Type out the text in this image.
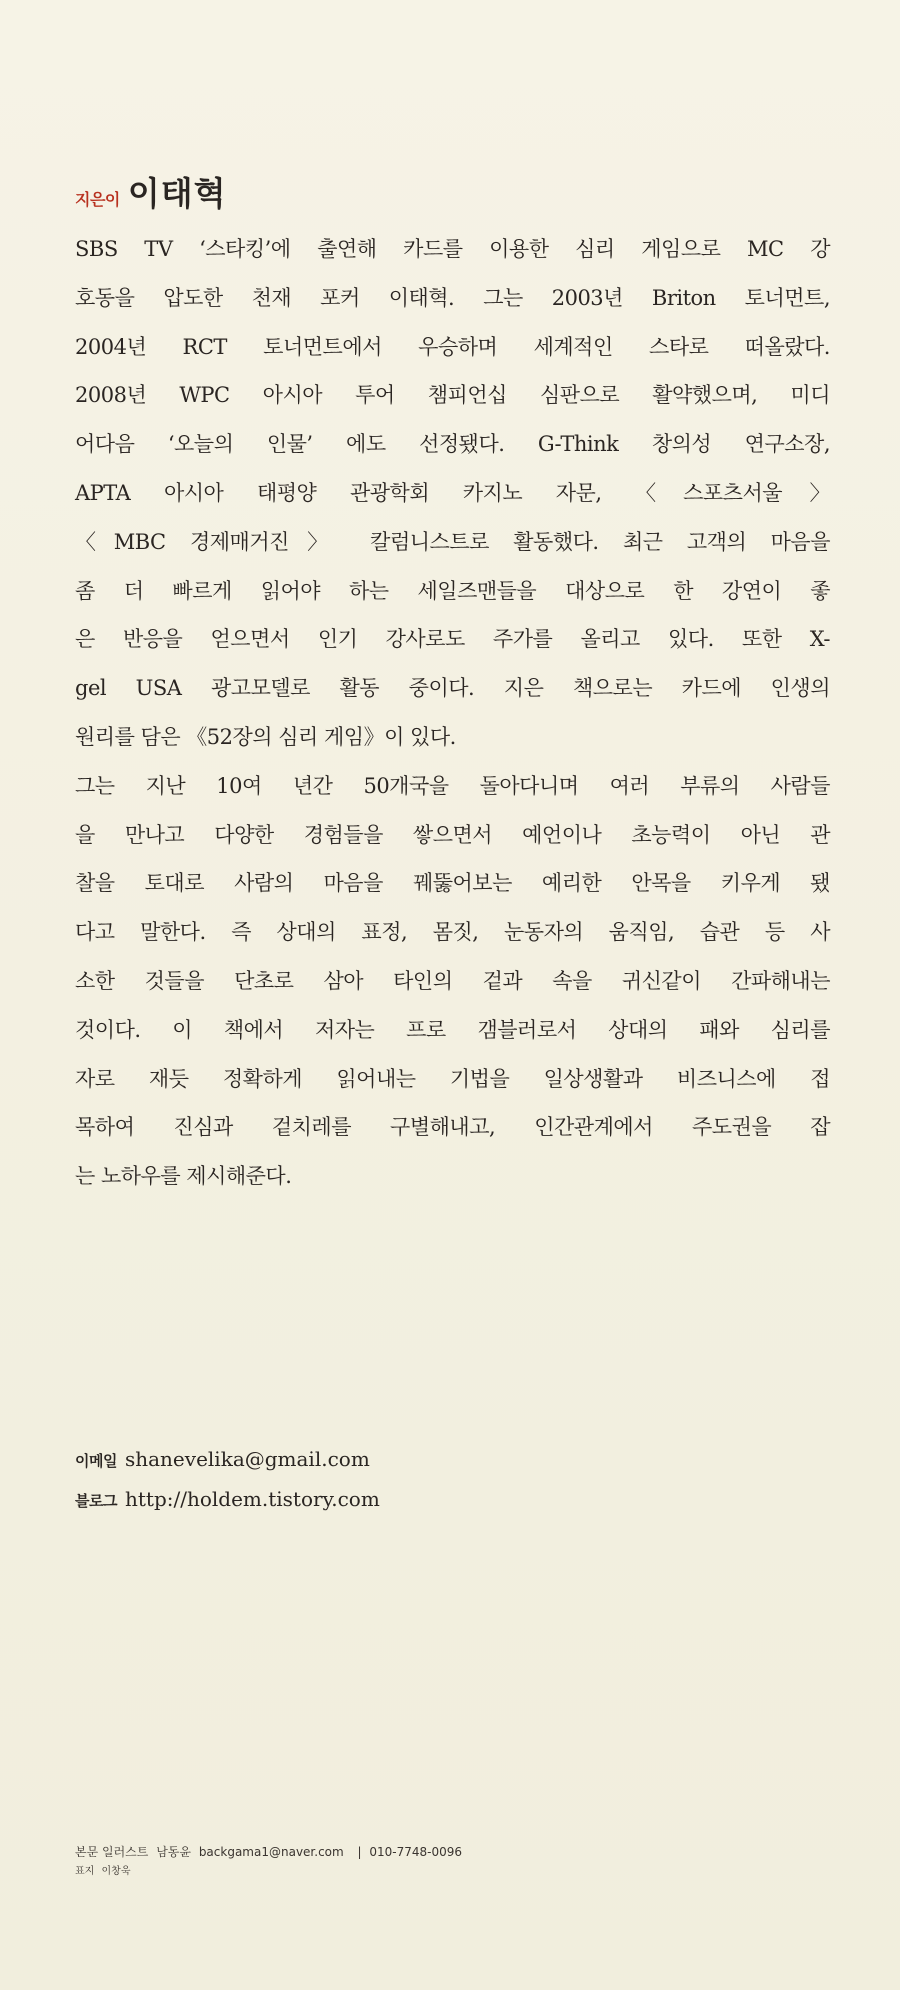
지은이 이태혁
SBS TV ‘스타킹’에 출연해 카드를 이용한 심리 게임으로 MC 강
호동을 압도한 천재 포커 이태혁. 그는 2003년 Briton 토너먼트,
2004년 RCT 토너먼트에서 우승하며 세계적인 스타로 떠올랐다.
2008년 WPC 아시아 투어 챔피언십 심판으로 활약했으며, 미디
어다음 ‘오늘의 인물’ 에도 선정됐다. G-Think 창의성 연구소장,
APTA 아시아 태평양 관광학회 카지노 자문, 〈스포츠서울〉
〈MBC 경제매거진〉 칼럼니스트로 활동했다. 최근 고객의 마음을
좀 더 빠르게 읽어야 하는 세일즈맨들을 대상으로 한 강연이 좋
은 반응을 얻으면서 인기 강사로도 주가를 올리고 있다. 또한 X-
gel USA 광고모델로 활동 중이다. 지은 책으로는 카드에 인생의
원리를 담은 《52장의 심리 게임》이 있다.
그는 지난 10여 년간 50개국을 돌아다니며 여러 부류의 사람들
을 만나고 다양한 경험들을 쌓으면서 예언이나 초능력이 아닌 관
찰을 토대로 사람의 마음을 꿰뚫어보는 예리한 안목을 키우게 됐
다고 말한다. 즉 상대의 표정, 몸짓, 눈동자의 움직임, 습관 등 사
소한 것들을 단초로 삼아 타인의 겉과 속을 귀신같이 간파해내는
것이다. 이 책에서 저자는 프로 갬블러로서 상대의 패와 심리를
자로 재듯 정확하게 읽어내는 기법을 일상생활과 비즈니스에 접
목하여 진심과 겉치레를 구별해내고, 인간관계에서 주도권을 잡
는 노하우를 제시해준다.
이메일 shanevelika@gmail.com
블로그 http://holdem.tistory.com
본문 일러스트 남동윤 backgama1@naver.com | 010-7748-0096
표지 이창욱
